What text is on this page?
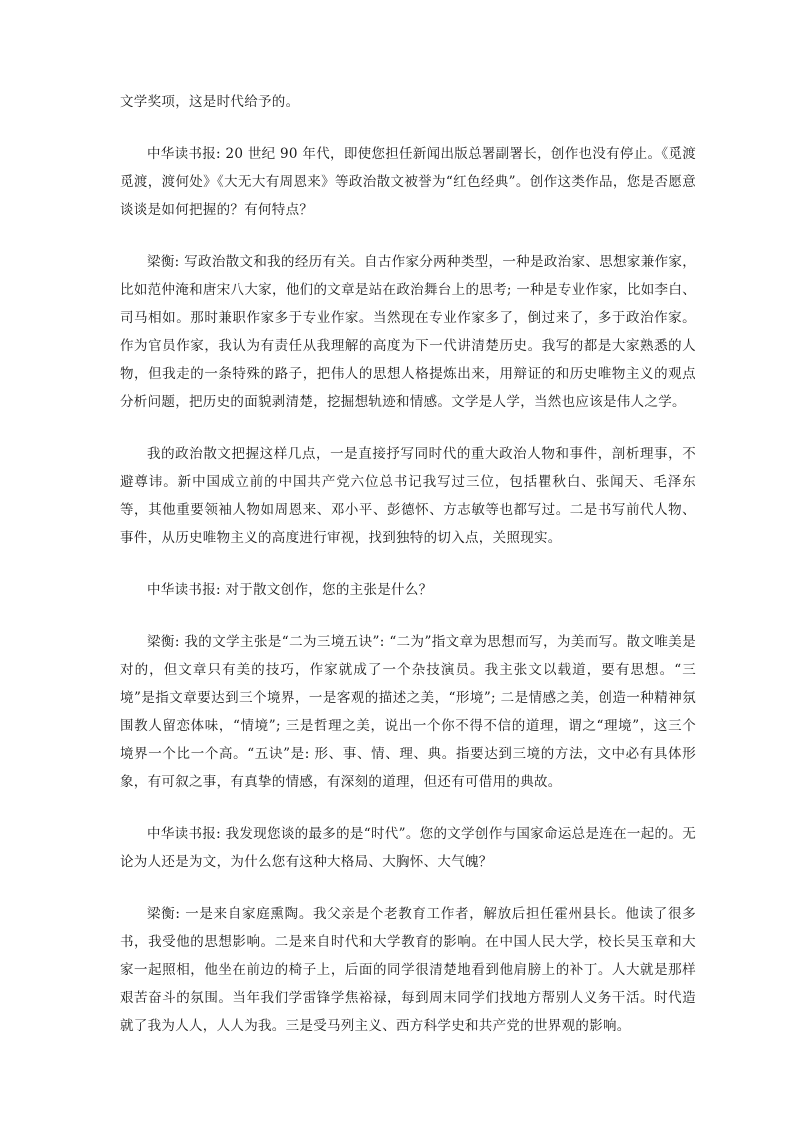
文学奖项，这是时代给予的。

中华读书报: 20 世纪 90 年代，即使您担任新闻出版总署副署长，创作也没有停止。《觅渡觅渡，渡何处》《大无大有周恩来》等政治散文被誉为“红色经典”。创作这类作品，您是否愿意谈谈是如何把握的？有何特点？

梁衡: 写政治散文和我的经历有关。自古作家分两种类型，一种是政治家、思想家兼作家，比如范仲淹和唐宋八大家，他们的文章是站在政治舞台上的思考; 一种是专业作家，比如李白、司马相如。那时兼职作家多于专业作家。当然现在专业作家多了，倒过来了，多于政治作家。作为官员作家，我认为有责任从我理解的高度为下一代讲清楚历史。我写的都是大家熟悉的人物，但我走的一条特殊的路子，把伟人的思想人格提炼出来，用辩证的和历史唯物主义的观点分析问题，把历史的面貌剥清楚，挖掘想轨迹和情感。文学是人学，当然也应该是伟人之学。

我的政治散文把握这样几点，一是直接抒写同时代的重大政治人物和事件，剖析理事，不避尊讳。新中国成立前的中国共产党六位总书记我写过三位，包括瞿秋白、张闻天、毛泽东等，其他重要领袖人物如周恩来、邓小平、彭德怀、方志敏等也都写过。二是书写前代人物、事件，从历史唯物主义的高度进行审视，找到独特的切入点，关照现实。

中华读书报: 对于散文创作，您的主张是什么？

梁衡: 我的文学主张是“二为三境五诀”: “二为”指文章为思想而写，为美而写。散文唯美是对的，但文章只有美的技巧，作家就成了一个杂技演员。我主张文以载道，要有思想。“三境”是指文章要达到三个境界，一是客观的描述之美，“形境”; 二是情感之美，创造一种精神氛围教人留恋体味，“情境”; 三是哲理之美，说出一个你不得不信的道理，谓之“理境”，这三个境界一个比一个高。“五诀”是: 形、事、情、理、典。指要达到三境的方法，文中必有具体形象，有可叙之事，有真挚的情感，有深刻的道理，但还有可借用的典故。

中华读书报: 我发现您谈的最多的是“时代”。您的文学创作与国家命运总是连在一起的。无论为人还是为文，为什么您有这种大格局、大胸怀、大气魄？

梁衡: 一是来自家庭熏陶。我父亲是个老教育工作者，解放后担任霍州县长。他读了很多书，我受他的思想影响。二是来自时代和大学教育的影响。在中国人民大学，校长吴玉章和大家一起照相，他坐在前边的椅子上，后面的同学很清楚地看到他肩膀上的补丁。人大就是那样艰苦奋斗的氛围。当年我们学雷锋学焦裕禄，每到周末同学们找地方帮别人义务干活。时代造就了我为人人，人人为我。三是受马列主义、西方科学史和共产党的世界观的影响。
